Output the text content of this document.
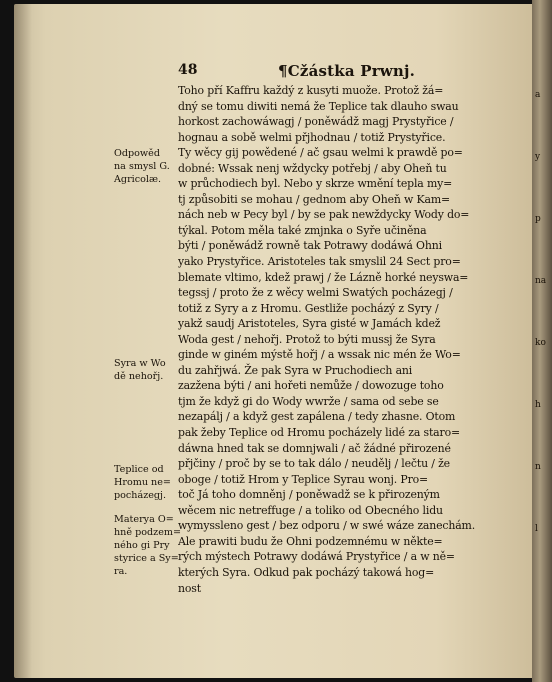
a
y
p
na
ko
h
n
l
48	¶Cžástka Prwnj.
Toho pří Kaffru každý z kusyti muože. Protož žá=
dný se tomu diwiti nemá že Teplice tak dlauho swau
horkost zachowáwagj / poněwádž magj Prystyřice /
hognau a sobě welmi přjhodnau / totiž Prystyřice.
Ty wěcy gij powědené / ač gsau welmi k prawdě po=
dobné: Wssak nenj wždycky potřebj / aby Oheň tu
w průchodiech byl. Nebo y skrze wmění tepla my=
tj způsobiti se mohau / gednom aby Oheň w Kam=
nách neb w Pecy byl / by se pak newždycky Wody do=
týkal. Potom měla také zmjnka o Syře učiněna
býti / poněwádž rowně tak Potrawy dodáwá Ohni
yako Prystyřice. Aristoteles tak smyslil 24 Sect pro=
blemate vltimo, kdež prawj / že Lázně horké neyswa=
tegssj / proto že z wěcy welmi Swatých pocházegj /
totiž z Syry a z Hromu. Gestliže pocházý z Syry /
yakž saudj Aristoteles, Syra gisté w Jamách kdež
Woda gest / nehořj. Protož to býti mussj že Syra
ginde w giném mýstě hořj / a wssak nic mén že Wo=
du zahřjwá. Že pak Syra w Pruchodiech ani
zazžena býti / ani hořeti nemůže / dowozuge toho
tjm že když gi do Wody wwrže / sama od sebe se
nezapálj / a když gest zapálena / tedy zhasne. Otom
pak žeby Teplice od Hromu pocházely lidé za staro=
dáwna hned tak se domnjwali / ač žádné přirozené
přjčiny / proč by se to tak dálo / neudělj / lečtu / že
oboge / totiž Hrom y Teplice Syrau wonj. Pro=
toč Já toho domněnj / poněwadž se k přirozeným
wěcem nic netreffuge / a toliko od Obecného lidu
wymyssleno gest / bez odporu / w swé wáze zanechám.
Ale prawiti budu že Ohni podzemnému w někte=
rých mýstech Potrawy dodáwá Prystyřice / a w ně=
kterých Syra. Odkud pak pocházý takowá hog=
nost
Odpowěd
na smysl G.
Agricolæ.
Syra w Wo
dě nehořj.
Teplice od
Hromu ne=
pocházegj.
Materya O=
hně podzem=
ného gi Pry
styrice a Sy=
ra.
